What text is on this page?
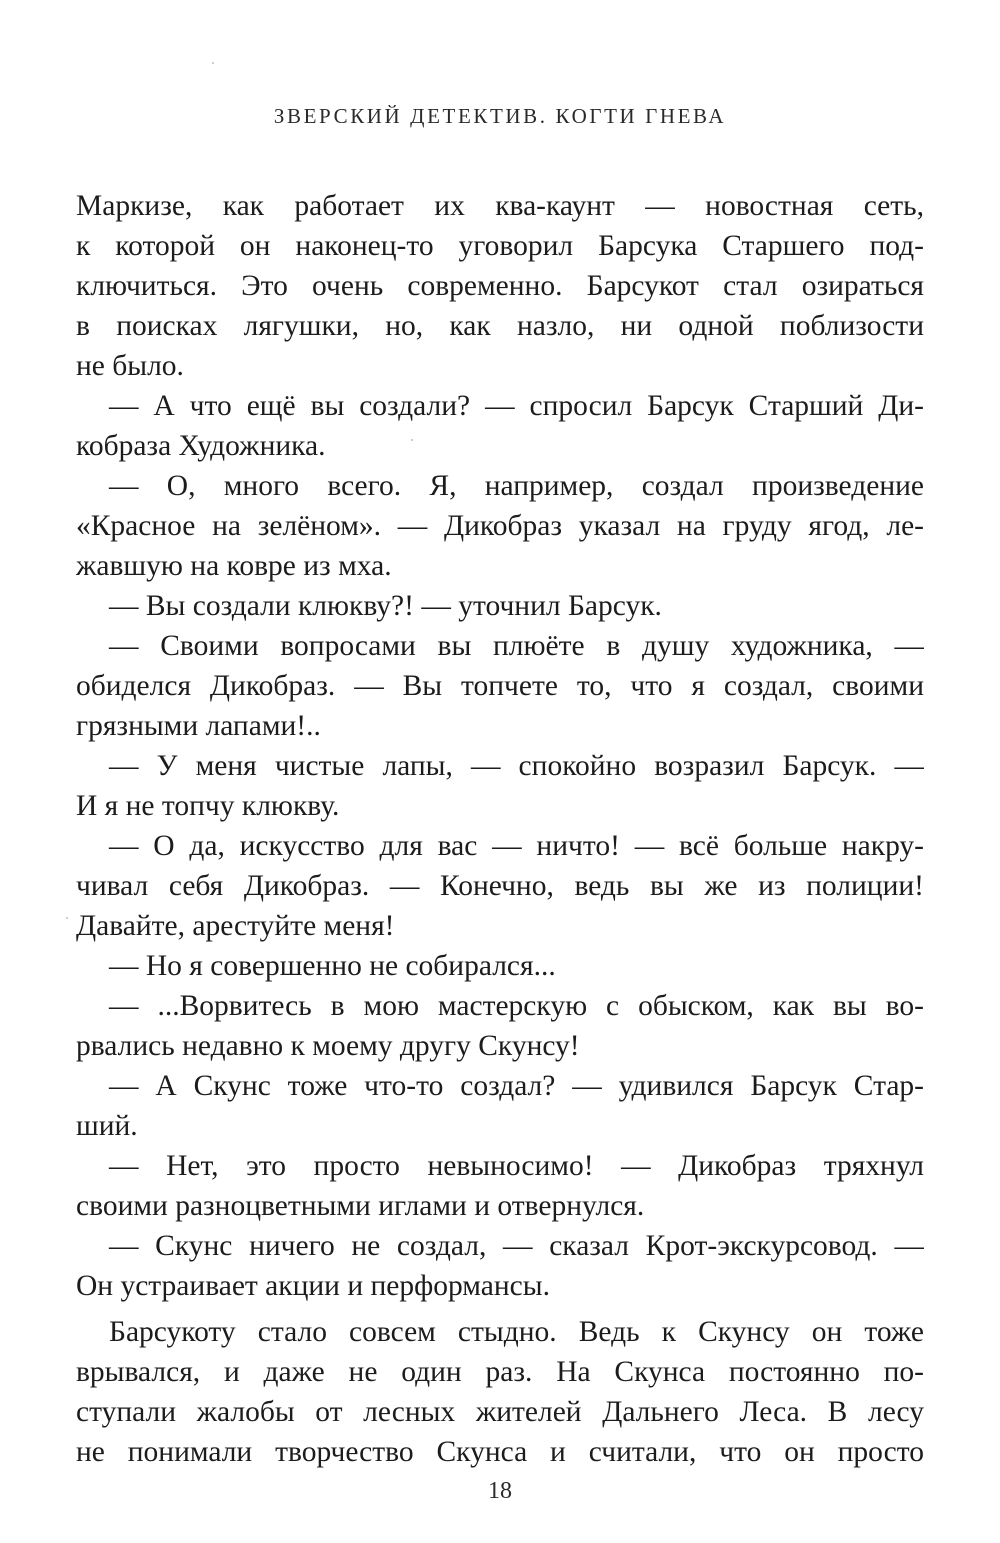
ЗВЕРСКИЙ ДЕТЕКТИВ. КОГТИ ГНЕВА
Маркизе, как работает их ква-каунт — новостная сеть,
к которой он наконец-то уговорил Барсука Старшего под-
ключиться. Это очень современно. Барсукот стал озираться
в поисках лягушки, но, как назло, ни одной поблизости
не было.
— А что ещё вы создали? — спросил Барсук Старший Ди-
кобраза Художника.
— О, много всего. Я, например, создал произведение
«Красное на зелёном». — Дикобраз указал на груду ягод, ле-
жавшую на ковре из мха.
— Вы создали клюкву?! — уточнил Барсук.
— Своими вопросами вы плюёте в душу художника, —
обиделся Дикобраз. — Вы топчете то, что я создал, своими
грязными лапами!..
— У меня чистые лапы, — спокойно возразил Барсук. —
И я не топчу клюкву.
— О да, искусство для вас — ничто! — всё больше накру-
чивал себя Дикобраз. — Конечно, ведь вы же из полиции!
Давайте, арестуйте меня!
— Но я совершенно не собирался...
— ...Ворвитесь в мою мастерскую с обыском, как вы во-
рвались недавно к моему другу Скунсу!
— А Скунс тоже что-то создал? — удивился Барсук Стар-
ший.
— Нет, это просто невыносимо! — Дикобраз тряхнул
своими разноцветными иглами и отвернулся.
— Скунс ничего не создал, — сказал Крот-экскурсовод. —
Он устраивает акции и перформансы.
Барсукоту стало совсем стыдно. Ведь к Скунсу он тоже
врывался, и даже не один раз. На Скунса постоянно по-
ступали жалобы от лесных жителей Дальнего Леса. В лесу
не понимали творчество Скунса и считали, что он просто
18
